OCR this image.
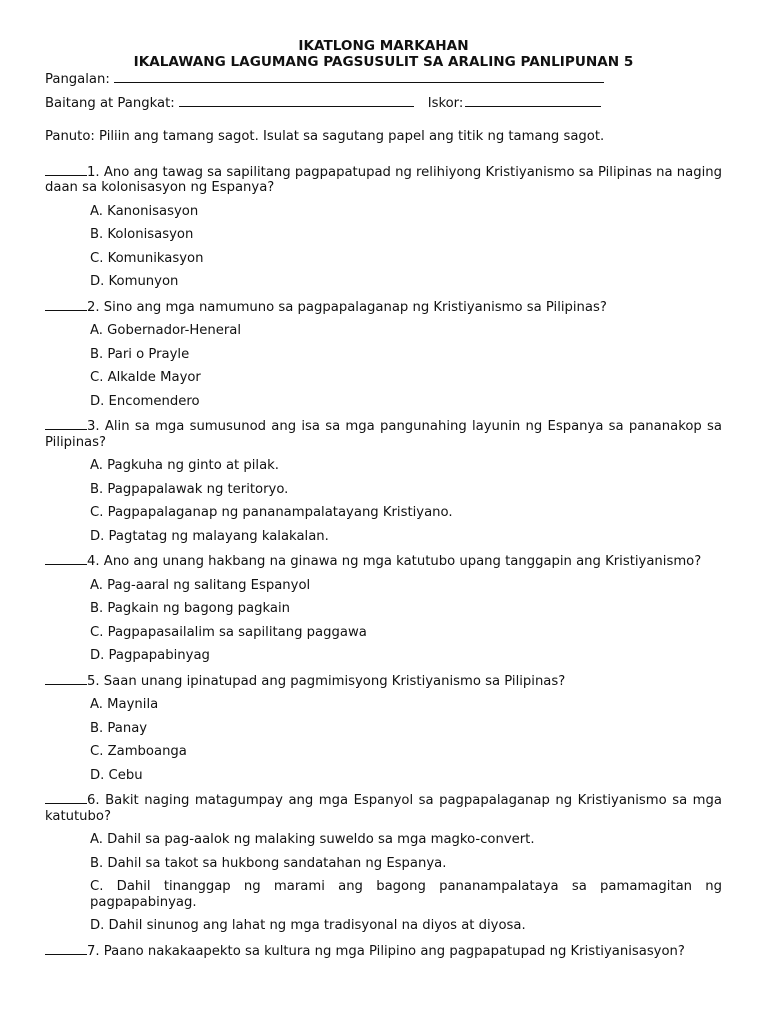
IKATLONG MARKAHAN
IKALAWANG LAGUMANG PAGSUSULIT SA ARALING PANLIPUNAN 5
Pangalan:
Baitang at Pangkat:	Iskor:
Panuto: Piliin ang tamang sagot. Isulat sa sagutang papel ang titik ng tamang sagot.
1. Ano ang tawag sa sapilitang pagpapatupad ng relihiyong Kristiyanismo sa Pilipinas na naging daan sa kolonisasyon ng Espanya?
A. Kanonisasyon
B. Kolonisasyon
C. Komunikasyon
D. Komunyon
2. Sino ang mga namumuno sa pagpapalaganap ng Kristiyanismo sa Pilipinas?
A. Gobernador-Heneral
B. Pari o Prayle
C. Alkalde Mayor
D. Encomendero
3. Alin sa mga sumusunod ang isa sa mga pangunahing layunin ng Espanya sa pananakop sa Pilipinas?
A. Pagkuha ng ginto at pilak.
B. Pagpapalawak ng teritoryo.
C. Pagpapalaganap ng pananampalatayang Kristiyano.
D. Pagtatag ng malayang kalakalan.
4. Ano ang unang hakbang na ginawa ng mga katutubo upang tanggapin ang Kristiyanismo?
A. Pag-aaral ng salitang Espanyol
B. Pagkain ng bagong pagkain
C. Pagpapasailalim sa sapilitang paggawa
D. Pagpapabinyag
5. Saan unang ipinatupad ang pagmimisyong Kristiyanismo sa Pilipinas?
A. Maynila
B. Panay
C. Zamboanga
D. Cebu
6. Bakit naging matagumpay ang mga Espanyol sa pagpapalaganap ng Kristiyanismo sa mga katutubo?
A. Dahil sa pag-aalok ng malaking suweldo sa mga magko-convert.
B. Dahil sa takot sa hukbong sandatahan ng Espanya.
C. Dahil tinanggap ng marami ang bagong pananampalataya sa pamamagitan ng pagpapabinyag.
D. Dahil sinunog ang lahat ng mga tradisyonal na diyos at diyosa.
7. Paano nakakaapekto sa kultura ng mga Pilipino ang pagpapatupad ng Kristiyanisasyon?
